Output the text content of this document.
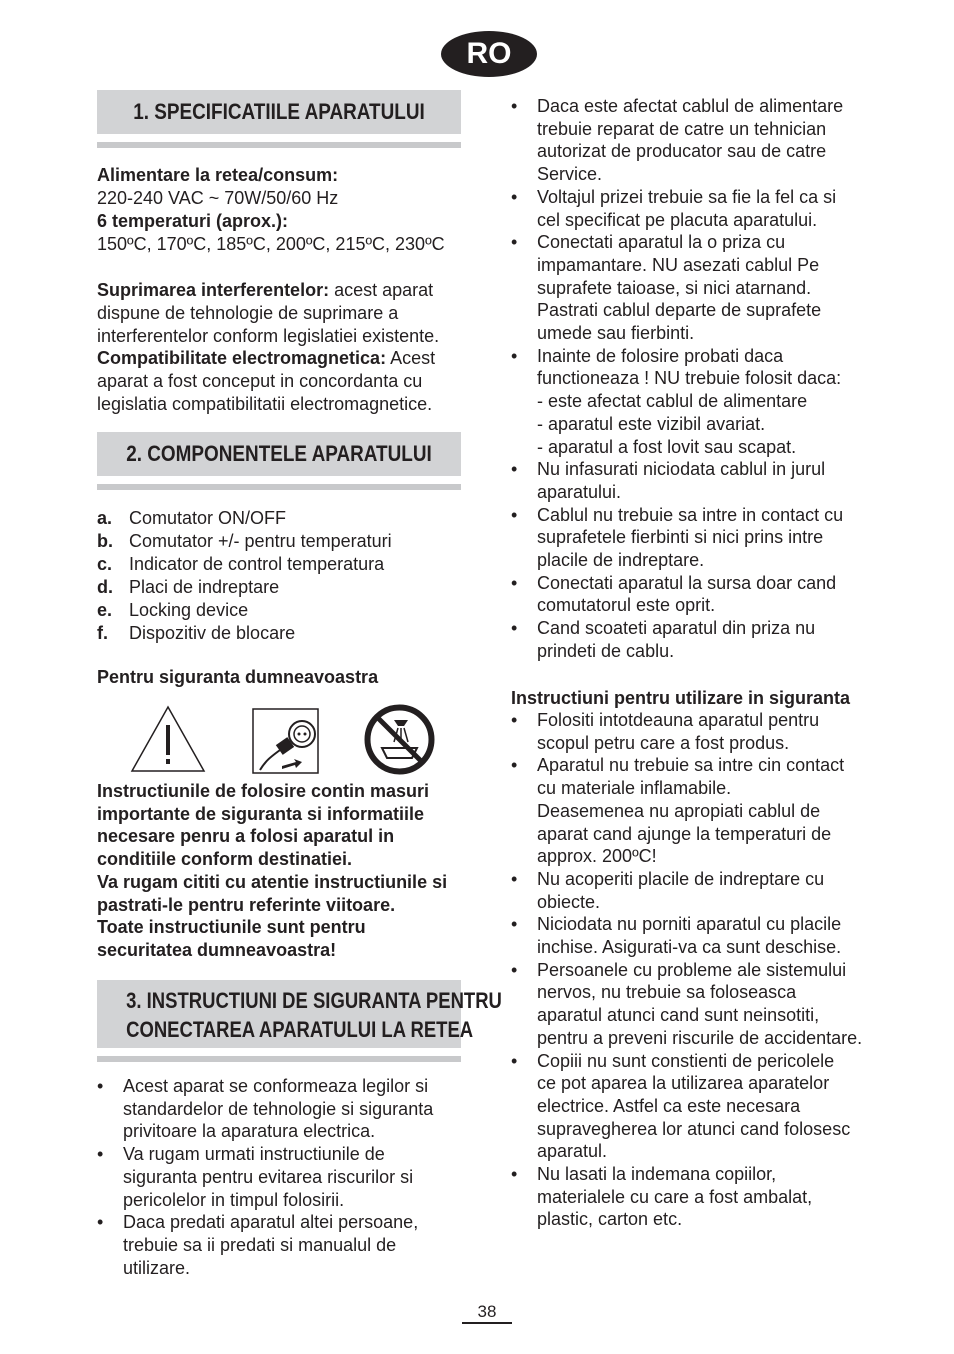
RO
1. SPECIFICATIILE APARATULUI
Alimentare la retea/consum:
220-240 VAC ~ 70W/50/60 Hz
6 temperaturi (aprox.):
150ºC, 170ºC, 185ºC, 200ºC, 215ºC, 230ºC
Suprimarea interferentelor: acest aparat
dispune de tehnologie de suprimare a
interferentelor conform legislatiei existente.
Compatibilitate electromagnetica: Acest
aparat a fost conceput in concordanta cu
legislatia compatibilitatii electromagnetice.
2. COMPONENTELE APARATULUI
a. Comutator ON/OFF
b. Comutator +/- pentru temperaturi
c. Indicator de control temperatura
d. Placi de indreptare
e. Locking device
f. Dispozitiv de blocare
Pentru siguranta dumneavoastra
Instructiunile de folosire contin masuri
importante de siguranta si informatiile
necesare penru a folosi aparatul in
conditiile conform destinatiei.
Va rugam cititi cu atentie instructiunile si
pastrati-le pentru referinte viitoare.
Toate instructiunile sunt pentru
securitatea dumneavoastra!
3. INSTRUCTIUNI DE SIGURANTA PENTRU
CONECTAREA APARATULUI LA RETEA
•	Acest aparat se conformeaza legilor si
standardelor de tehnologie si siguranta
privitoare la aparatura electrica.
•	Va rugam urmati instructiunile de
siguranta pentru evitarea riscurilor si
pericolelor in timpul folosirii.
•	Daca predati aparatul altei persoane,
trebuie sa ii predati si manualul de
utilizare.
•	Daca este afectat cablul de alimentare
trebuie reparat de catre un tehnician
autorizat de producator sau de catre
Service.
•	Voltajul prizei trebuie sa fie la fel ca si
cel specificat pe placuta aparatului.
•	Conectati aparatul la o priza cu
impamantare. NU asezati cablul Pe
suprafete taioase, si nici atarnand.
Pastrati cablul departe de suprafete
umede sau fierbinti.
•	Inainte de folosire probati daca
functioneaza ! NU trebuie folosit daca:
- este afectat cablul de alimentare
- aparatul este vizibil avariat.
- aparatul a fost lovit sau scapat.
•	Nu infasurati niciodata cablul in jurul
aparatului.
•	Cablul nu trebuie sa intre in contact cu
suprafetele fierbinti si nici prins intre
placile de indreptare.
•	Conectati aparatul la sursa doar cand
comutatorul este oprit.
•	Cand scoateti aparatul din priza nu
prindeti de cablu.
Instructiuni pentru utilizare in siguranta
•	Folositi intotdeauna aparatul pentru
scopul petru care a fost produs.
•	Aparatul nu trebuie sa intre cin contact
cu materiale inflamabile.
Deasemenea nu apropiati cablul de
aparat cand ajunge la temperaturi de
approx. 200ºC!
•	Nu acoperiti placile de indreptare cu
obiecte.
•	Niciodata nu porniti aparatul cu placile
inchise. Asigurati-va ca sunt deschise.
•	Persoanele cu probleme ale sistemului
nervos, nu trebuie sa foloseasca
aparatul atunci cand sunt neinsotiti,
pentru a preveni riscurile de accidentare.
•	Copiii nu sunt constienti de pericolele
ce pot aparea la utilizarea aparatelor
electrice. Astfel ca este necesara
supravegherea lor atunci cand folosesc
aparatul.
•	Nu lasati la indemana copiilor,
materialele cu care a fost ambalat,
plastic, carton etc.
38
